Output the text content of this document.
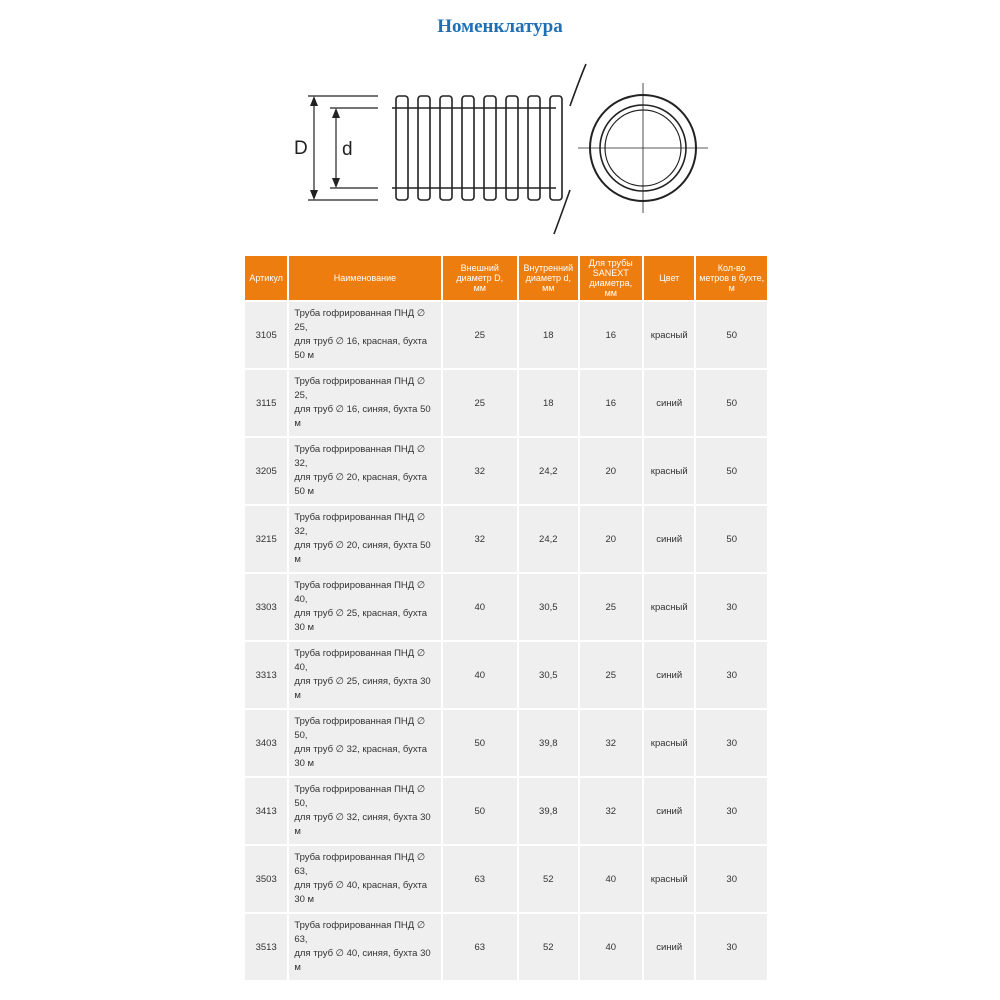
Номенклатура
D d
Артикул	Наименование	Внешний
диаметр D,
мм	Внутренний
диаметр d,
мм	Для трубы
SANEXT
диаметра,
мм	Цвет	Кол-во
метров в бухте,
м
3105	Труба гофрированная ПНД ∅ 25,
для труб ∅ 16, красная, бухта 50 м	25	18	16	красный	50
3115	Труба гофрированная ПНД ∅ 25,
для труб ∅ 16, синяя, бухта 50 м	25	18	16	синий	50
3205	Труба гофрированная ПНД ∅ 32,
для труб ∅ 20, красная, бухта 50 м	32	24,2	20	красный	50
3215	Труба гофрированная ПНД ∅ 32,
для труб ∅ 20, синяя, бухта 50 м	32	24,2	20	синий	50
3303	Труба гофрированная ПНД ∅ 40,
для труб ∅ 25, красная, бухта 30 м	40	30,5	25	красный	30
3313	Труба гофрированная ПНД ∅ 40,
для труб ∅ 25, синяя, бухта 30 м	40	30,5	25	синий	30
3403	Труба гофрированная ПНД ∅ 50,
для труб ∅ 32, красная, бухта 30 м	50	39,8	32	красный	30
3413	Труба гофрированная ПНД ∅ 50,
для труб ∅ 32, синяя, бухта 30 м	50	39,8	32	синий	30
3503	Труба гофрированная ПНД ∅ 63,
для труб ∅ 40, красная, бухта 30 м	63	52	40	красный	30
3513	Труба гофрированная ПНД ∅ 63,
для труб ∅ 40, синяя, бухта 30 м	63	52	40	синий	30
